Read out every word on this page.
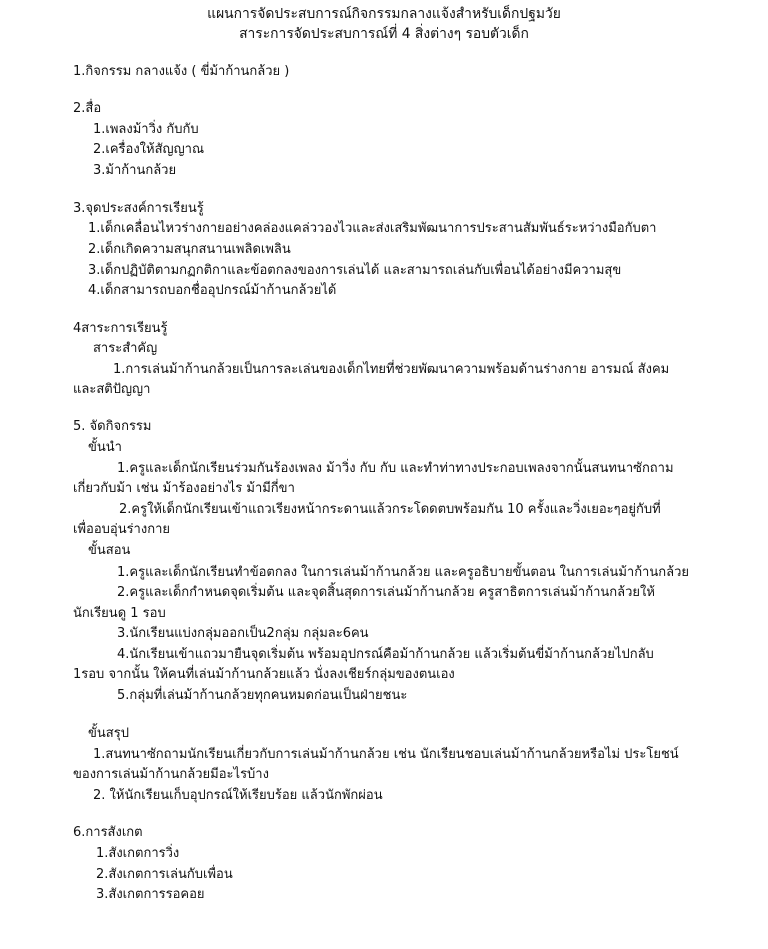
แผนการจัดประสบการณ์กิจกรรมกลางแจ้งสำหรับเด็กปฐมวัย
สาระการจัดประสบการณ์ที่ 4 สิ่งต่างๆ รอบตัวเด็ก
1.กิจกรรม กลางแจ้ง ( ขี่ม้าก้านกล้วย )
2.สื่อ
1.เพลงม้าวิ่ง กับกับ
2.เครื่องให้สัญญาณ
3.ม้าก้านกล้วย
3.จุดประสงค์การเรียนรู้
1.เด็กเคลื่อนไหวร่างกายอย่างคล่องแคล่ววองไวและส่งเสริมพัฒนาการประสานสัมพันธ์ระหว่างมือกับตา
2.เด็กเกิดความสนุกสนานเพลิดเพลิน
3.เด็กปฏิบัติตามกฏกติกาและข้อตกลงของการเล่นได้ และสามารถเล่นกับเพื่อนได้อย่างมีความสุข
4.เด็กสามารถบอกชื่ออุปกรณ์ม้าก้านกล้วยได้
4สาระการเรียนรู้
สาระสำคัญ
1.การเล่นม้าก้านกล้วยเป็นการละเล่นของเด็กไทยที่ช่วยพัฒนาความพร้อมด้านร่างกาย อารมณ์ สังคม
และสติปัญญา
5. จัดกิจกรรม
ขั้นนำ
1.ครูและเด็กนักเรียนร่วมกันร้องเพลง ม้าวิ่ง กับ กับ และทำท่าทางประกอบเพลงจากนั้นสนทนาซักถาม
เกี่ยวกับม้า เช่น ม้าร้องอย่างไร ม้ามีกี่ขา
2.ครูให้เด็กนักเรียนเข้าแถวเรียงหน้ากระดานแล้วกระโดดตบพร้อมกัน 10 ครั้งและวิ่งเยอะๆอยู่กับที่
เพื่ออบอุ่นร่างกาย
ขั้นสอน
1.ครูและเด็กนักเรียนทำข้อตกลง ในการเล่นม้าก้านกล้วย และครูอธิบายขั้นตอน ในการเล่นม้าก้านกล้วย
2.ครูและเด็กกำหนดจุดเริ่มต้น และจุดสิ้นสุดการเล่นม้าก้านกล้วย ครูสาธิตการเล่นม้าก้านกล้วยให้
นักเรียนดู 1 รอบ
3.นักเรียนแบ่งกลุ่มออกเป็น2กลุ่ม กลุ่มละ6คน
4.นักเรียนเข้าแถวมายืนจุดเริ่มต้น พร้อมอุปกรณ์คือม้าก้านกล้วย แล้วเริ่มต้นขี่ม้าก้านกล้วยไปกลับ
1รอบ จากนั้น ให้คนที่เล่นม้าก้านกล้วยแล้ว นั่งลงเชียร์กลุ่มของตนเอง
5.กลุ่มที่เล่นม้าก้านกล้วยทุกคนหมดก่อนเป็นฝ่ายชนะ
ขั้นสรุป
1.สนทนาซักถามนักเรียนเกี่ยวกับการเล่นม้าก้านกล้วย เช่น นักเรียนชอบเล่นม้าก้านกล้วยหรือไม่ ประโยชน์
ของการเล่นม้าก้านกล้วยมีอะไรบ้าง
2. ให้นักเรียนเก็บอุปกรณ์ให้เรียบร้อย แล้วนักพักผ่อน
6.การสังเกต
1.สังเกตการวิ่ง
2.สังเกตการเล่นกับเพื่อน
3.สังเกตการรอคอย
